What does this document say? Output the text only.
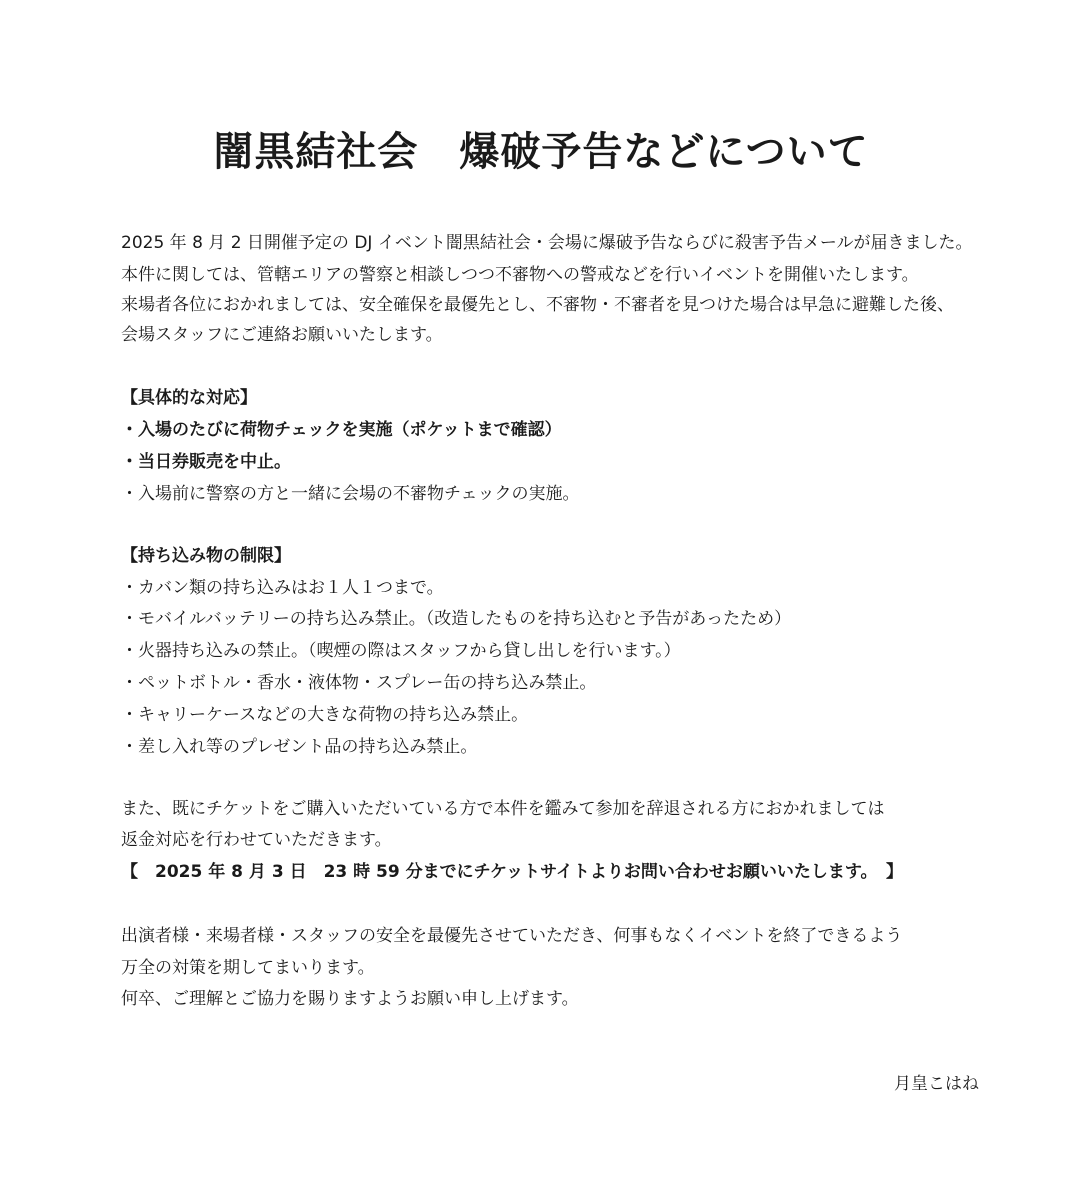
闇黒結社会　爆破予告などについて

2025 年 8 月 2 日開催予定の DJ イベント闇黒結社会・会場に爆破予告ならびに殺害予告メールが届きました。

本件に関しては、管轄エリアの警察と相談しつつ不審物への警戒などを行いイベントを開催いたします。

来場者各位におかれましては、安全確保を最優先とし、不審物・不審者を見つけた場合は早急に避難した後、

会場スタッフにご連絡お願いいたします。

【具体的な対応】

・入場のたびに荷物チェックを実施（ポケットまで確認）

・当日券販売を中止。

・入場前に警察の方と一緒に会場の不審物チェックの実施。

【持ち込み物の制限】

・カバン類の持ち込みはお１人１つまで。

・モバイルバッテリーの持ち込み禁止。（改造したものを持ち込むと予告があったため）

・火器持ち込みの禁止。（喫煙の際はスタッフから貸し出しを行います。）

・ペットボトル・香水・液体物・スプレー缶の持ち込み禁止。

・キャリーケースなどの大きな荷物の持ち込み禁止。

・差し入れ等のプレゼント品の持ち込み禁止。

また、既にチケットをご購入いただいている方で本件を鑑みて参加を辞退される方におかれましては

返金対応を行わせていただきます。

【　2025 年 8 月 3 日　23 時 59 分までにチケットサイトよりお問い合わせお願いいたします。　】

出演者様・来場者様・スタッフの安全を最優先させていただき、何事もなくイベントを終了できるよう

万全の対策を期してまいります。

何卒、ご理解とご協力を賜りますようお願い申し上げます。

月皇こはね
